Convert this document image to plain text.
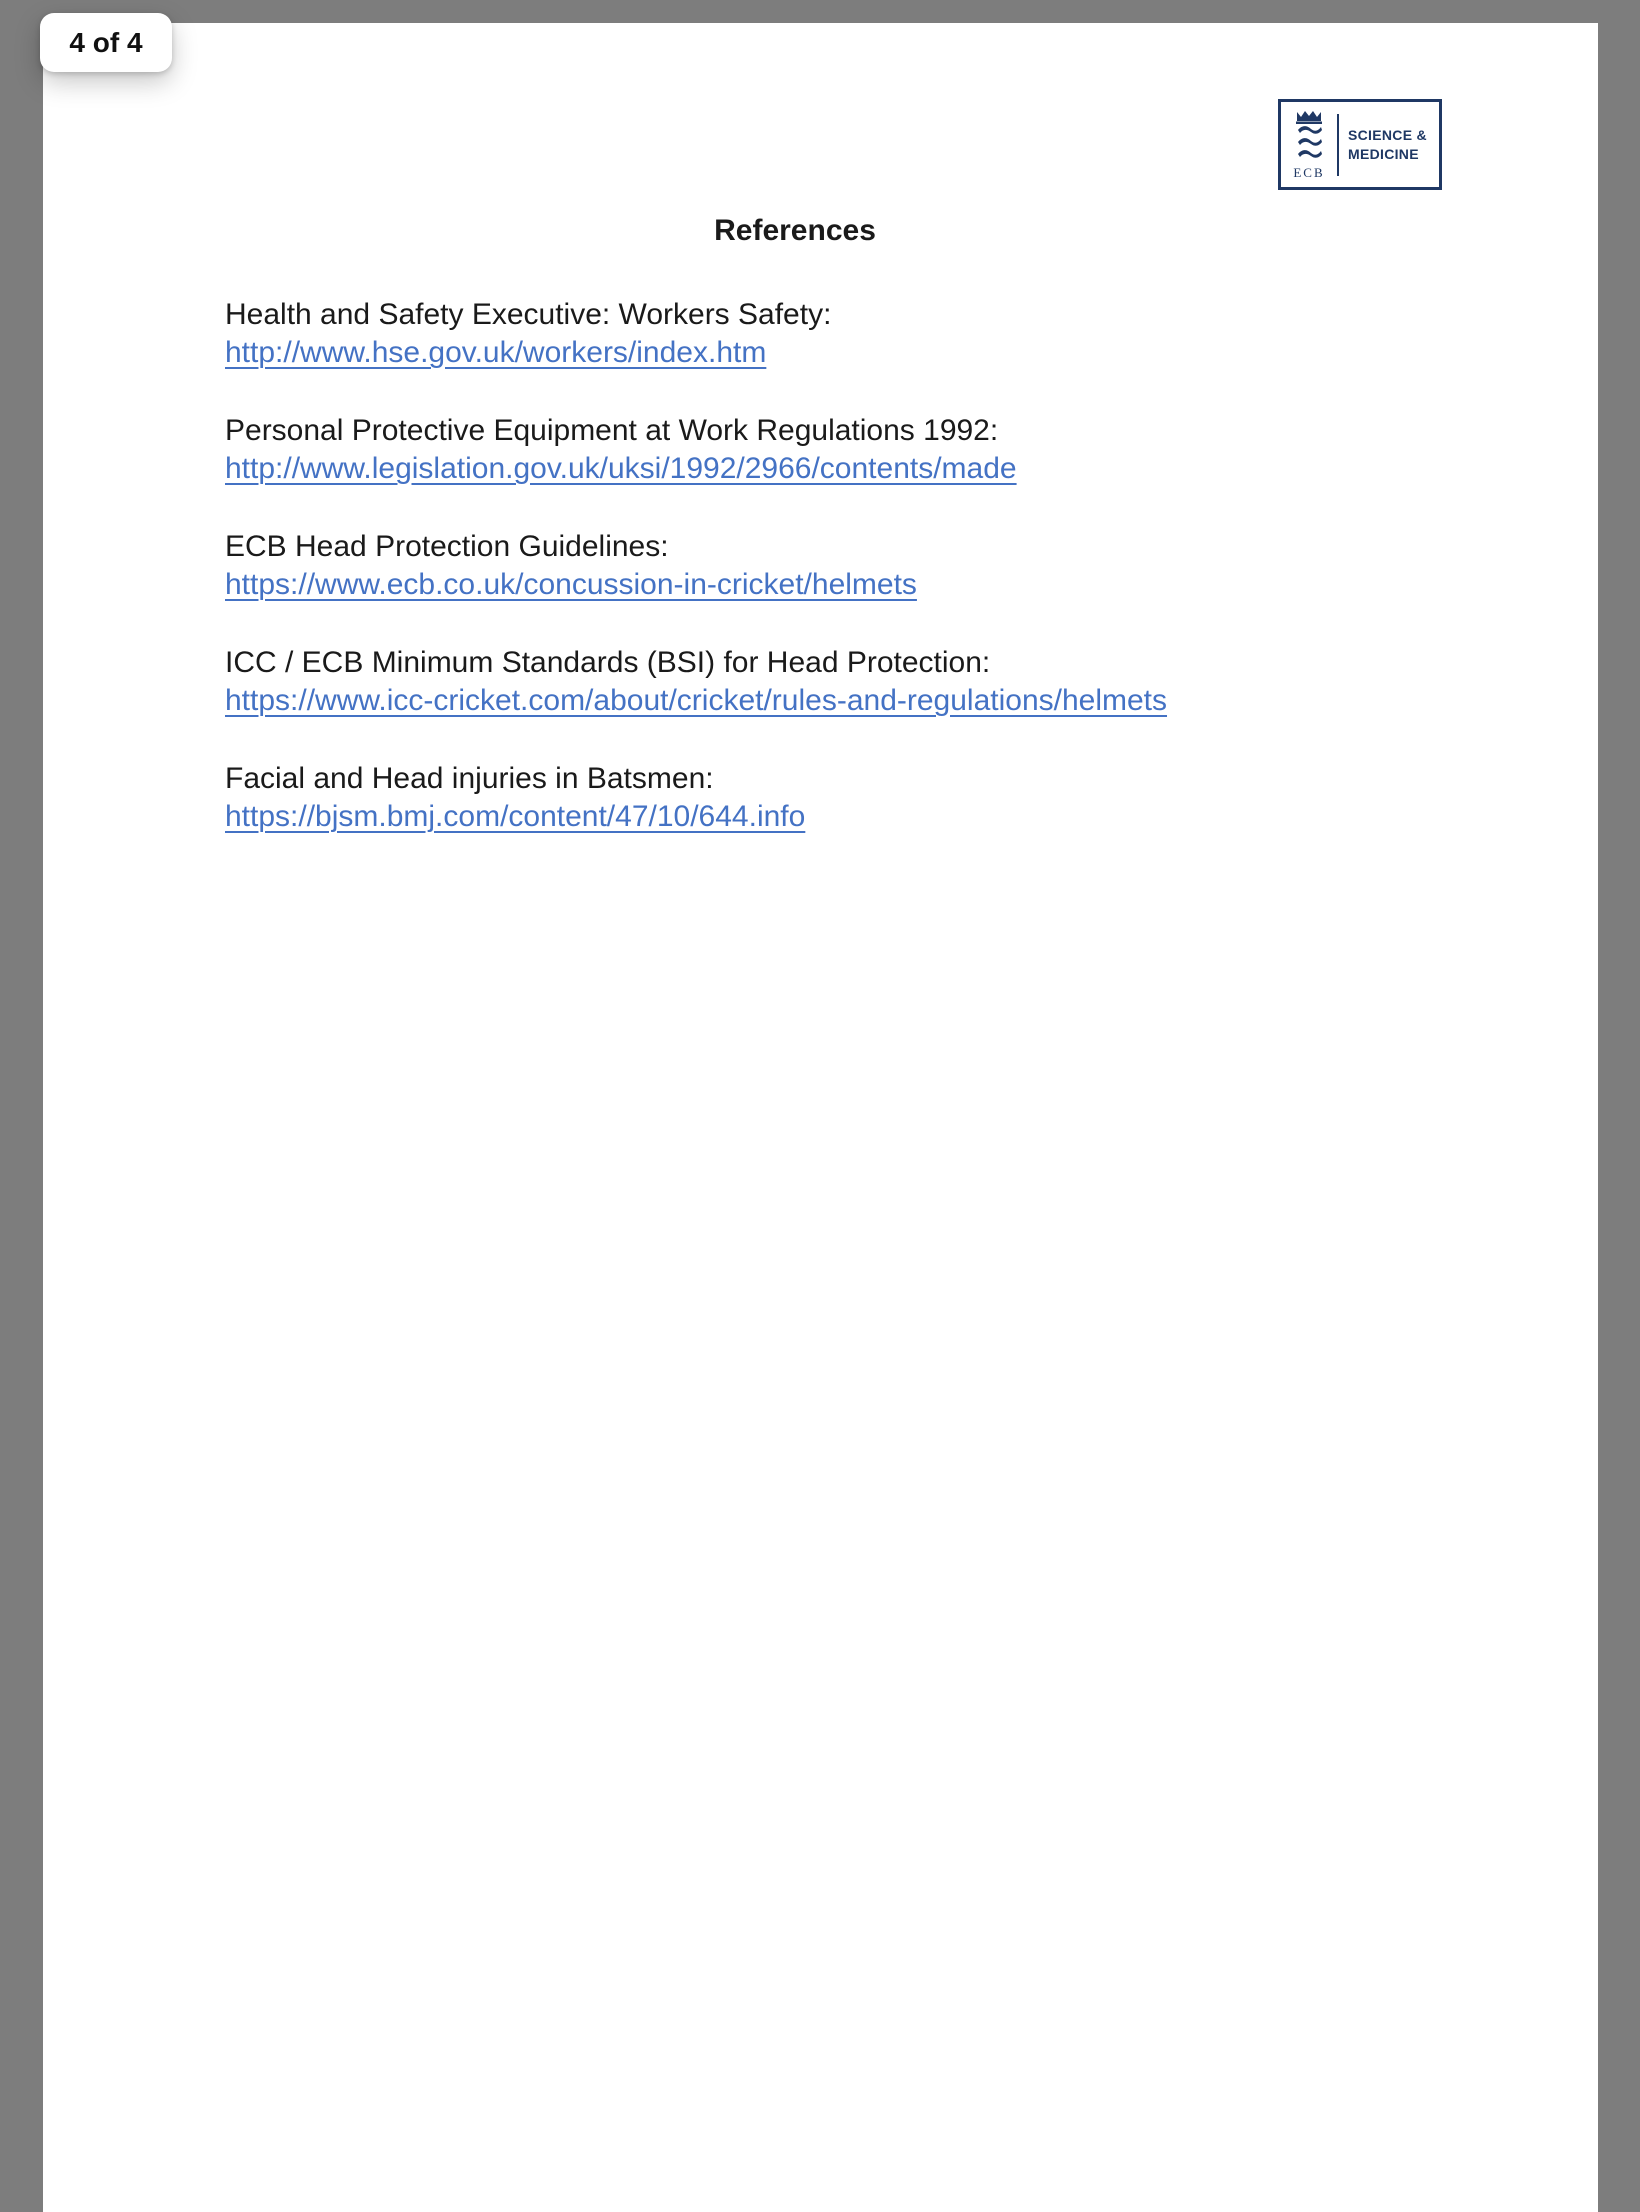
4 of 4
ECB
SCIENCE &
MEDICINE
References
Health and Safety Executive: Workers Safety:
http://www.hse.gov.uk/workers/index.htm
Personal Protective Equipment at Work Regulations 1992:
http://www.legislation.gov.uk/uksi/1992/2966/contents/made
ECB Head Protection Guidelines:
https://www.ecb.co.uk/concussion-in-cricket/helmets
ICC / ECB Minimum Standards (BSI) for Head Protection:
https://www.icc-cricket.com/about/cricket/rules-and-regulations/helmets
Facial and Head injuries in Batsmen:
https://bjsm.bmj.com/content/47/10/644.info
